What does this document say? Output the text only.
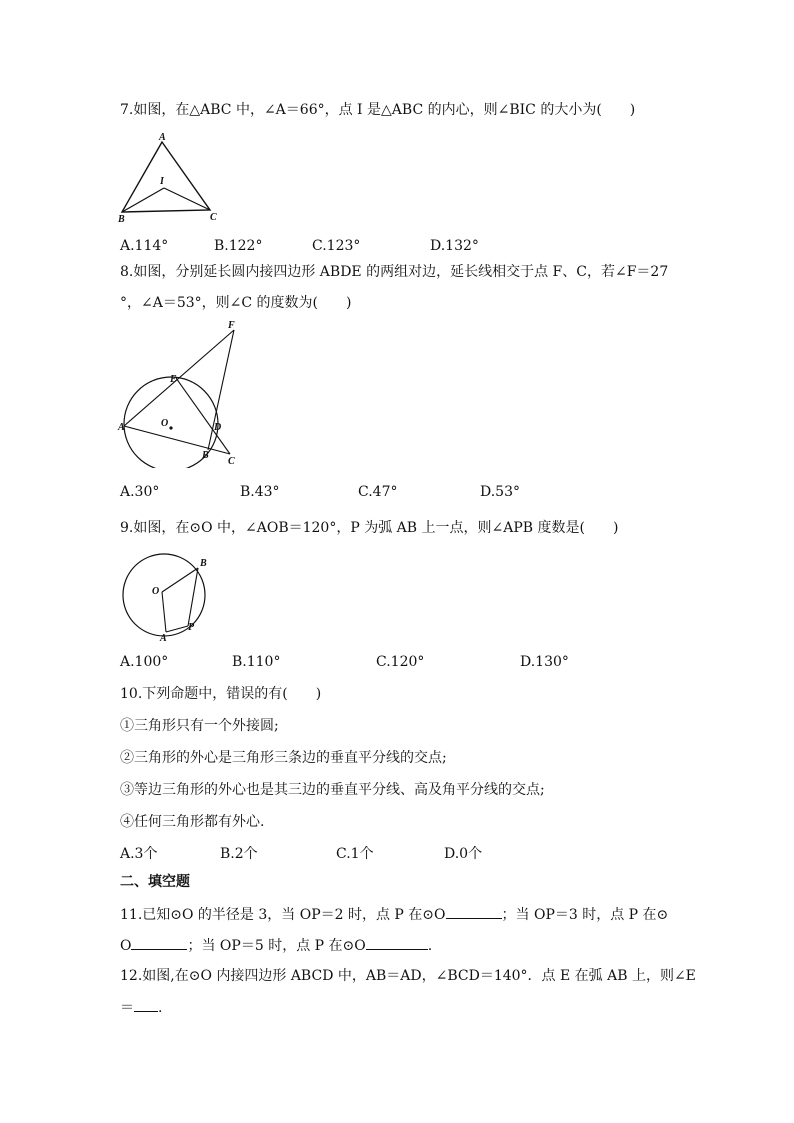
7.如图，在△ABC 中，∠A＝66°，点 I 是△ABC 的内心，则∠BIC 的大小为(　　)
A
I
B	C
A.114°	B.122°	C.123°	D.132°
8.如图，分别延长圆内接四边形 ABDE 的两组对边，延长线相交于点 F、C，若∠F＝27
°，∠A＝53°，则∠C 的度数为(　　)
F
E
A	O	D
B
C
A.30°	B.43°	C.47°	D.53°
9.如图，在⊙O 中，∠AOB＝120°，P 为弧 AB 上一点，则∠APB 度数是(　　)
O
B
P
A
A.100°	B.110°	C.120°	D.130°
10.下列命题中，错误的有(　　)
①三角形只有一个外接圆;
②三角形的外心是三角形三条边的垂直平分线的交点;
③等边三角形的外心也是其三边的垂直平分线、高及角平分线的交点;
④任何三角形都有外心.
A.3个	B.2个	C.1个	D.0个
二、填空题
11.已知⊙O 的半径是 3，当 OP＝2 时，点 P 在⊙O	；当 OP＝3 时，点 P 在⊙
O	；当 OP＝5 时，点 P 在⊙O	.
12.如图,在⊙O 内接四边形 ABCD 中，AB＝AD，∠BCD＝140°．点 E 在弧 AB 上，则∠E
＝ .
